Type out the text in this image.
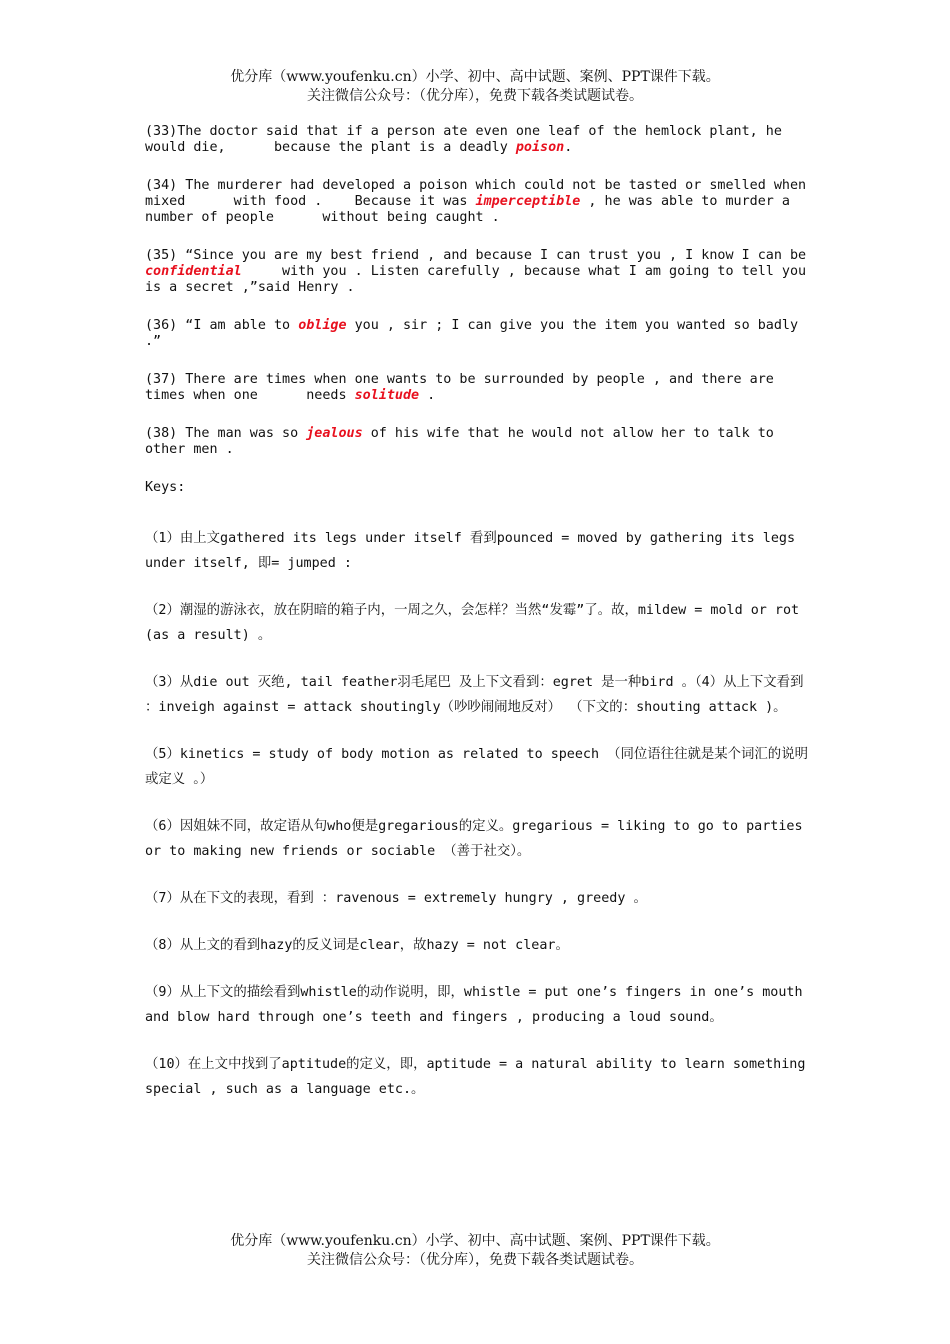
优分库（www.youfenku.cn）小学、初中、高中试题、案例、PPT课件下载。
关注微信公众号：（优分库），免费下载各类试题试卷。
(33)The doctor said that if a person ate even one leaf of the hemlock plant, he would die,      because the plant is a deadly poison.
(34) The murderer had developed a poison which could not be tasted or smelled when mixed      with food .    Because it was imperceptible , he was able to murder a number of people      without being caught .
(35) “Since you are my best friend , and because I can trust you , I know I can be confidential     with you . Listen carefully , because what I am going to tell you is a secret ,”said Henry .
(36) “I am able to oblige you , sir ; I can give you the item you wanted so badly .”
(37) There are times when one wants to be surrounded by people , and there are times when one      needs solitude .
(38) The man was so jealous of his wife that he would not allow her to talk to other men .
Keys:
（1）由上文gathered its legs under itself 看到pounced = moved by gathering its legs under itself, 即= jumped :
（2）潮湿的游泳衣，放在阴暗的箱子内，一周之久，会怎样？当然“发霉”了。故，mildew = mold or rot (as a result) 。
（3）从die out 灭绝, tail feather羽毛尾巴 及上下文看到：egret 是一种bird 。（4）从上下文看到 ：inveigh against = attack shoutingly（吵吵闹闹地反对） （下文的：shouting attack )。
（5）kinetics = study of body motion as related to speech （同位语往往就是某个词汇的说明 或定义 。）
（6）因姐妹不同，故定语从句who便是gregarious的定义。gregarious = liking to go to parties or to making new friends or sociable （善于社交）。
（7）从在下文的表现，看到 ：ravenous = extremely hungry , greedy 。
（8）从上文的看到hazy的反义词是clear，故hazy = not clear。
（9）从上下文的描绘看到whistle的动作说明，即，whistle = put one’s fingers in one’s mouth and blow hard through one’s teeth and fingers , producing a loud sound。
（10）在上文中找到了aptitude的定义，即，aptitude = a natural ability to learn something special , such as a language etc.。
优分库（www.youfenku.cn）小学、初中、高中试题、案例、PPT课件下载。
关注微信公众号：（优分库），免费下载各类试题试卷。
